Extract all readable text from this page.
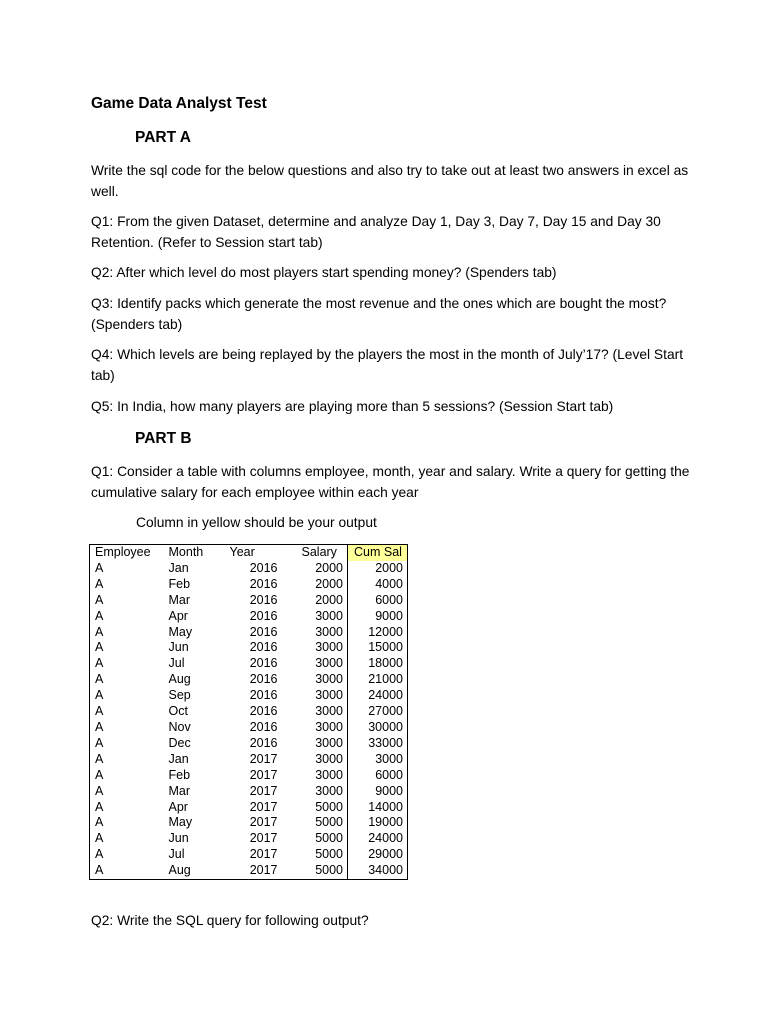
Game Data Analyst Test
PART A
Write the sql code for the below questions and also try to take out at least two answers in excel as well.
Q1: From the given Dataset, determine and analyze Day 1, Day 3, Day 7, Day 15 and Day 30 Retention. (Refer to Session start tab)
Q2: After which level do most players start spending money? (Spenders tab)
Q3: Identify packs which generate the most revenue and the ones which are bought the most? (Spenders tab)
Q4: Which levels are being replayed by the players the most in the month of July’17? (Level Start tab)
Q5: In India, how many players are playing more than 5 sessions? (Session Start tab)
PART B
Q1: Consider a table with columns employee, month, year and salary. Write a query for getting the cumulative salary for each employee within each year
Column in yellow should be your output
Employee	Month	Year	Salary	Cum Sal
A	Jan	2016	2000	2000
A	Feb	2016	2000	4000
A	Mar	2016	2000	6000
A	Apr	2016	3000	9000
A	May	2016	3000	12000
A	Jun	2016	3000	15000
A	Jul	2016	3000	18000
A	Aug	2016	3000	21000
A	Sep	2016	3000	24000
A	Oct	2016	3000	27000
A	Nov	2016	3000	30000
A	Dec	2016	3000	33000
A	Jan	2017	3000	3000
A	Feb	2017	3000	6000
A	Mar	2017	3000	9000
A	Apr	2017	5000	14000
A	May	2017	5000	19000
A	Jun	2017	5000	24000
A	Jul	2017	5000	29000
A	Aug	2017	5000	34000
Q2: Write the SQL query for following output?
